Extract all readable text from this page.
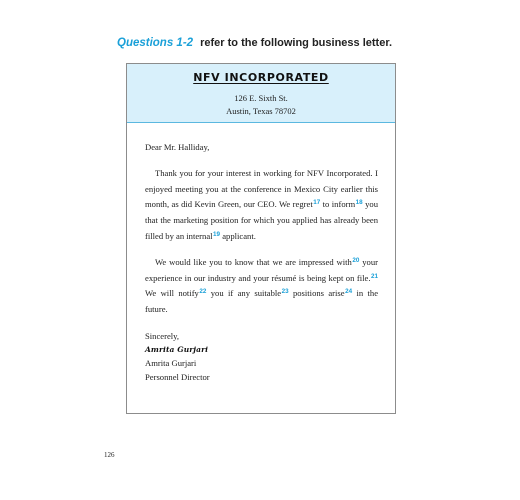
Questions 1-2 refer to the following business letter.
NFV INCORPORATED
126 E. Sixth St.
Austin, Texas 78702
Dear Mr. Halliday,
Thank you for your interest in working for NFV Incorporated. I enjoyed meeting you at the conference in Mexico City earlier this month, as did Kevin Green, our CEO. We regret$^{17}$ to inform$^{18}$ you that the marketing position for which you applied has already been filled by an internal$^{19}$ applicant.
We would like you to know that we are impressed with$^{20}$ your experience in our industry and your résumé is being kept on file.$^{21}$ We will notify$^{22}$ you if any suitable$^{23}$ positions arise$^{24}$ in the future.
Sincerely,
Amrita Gurjari
Amrita Gurjari
Personnel Director
126
